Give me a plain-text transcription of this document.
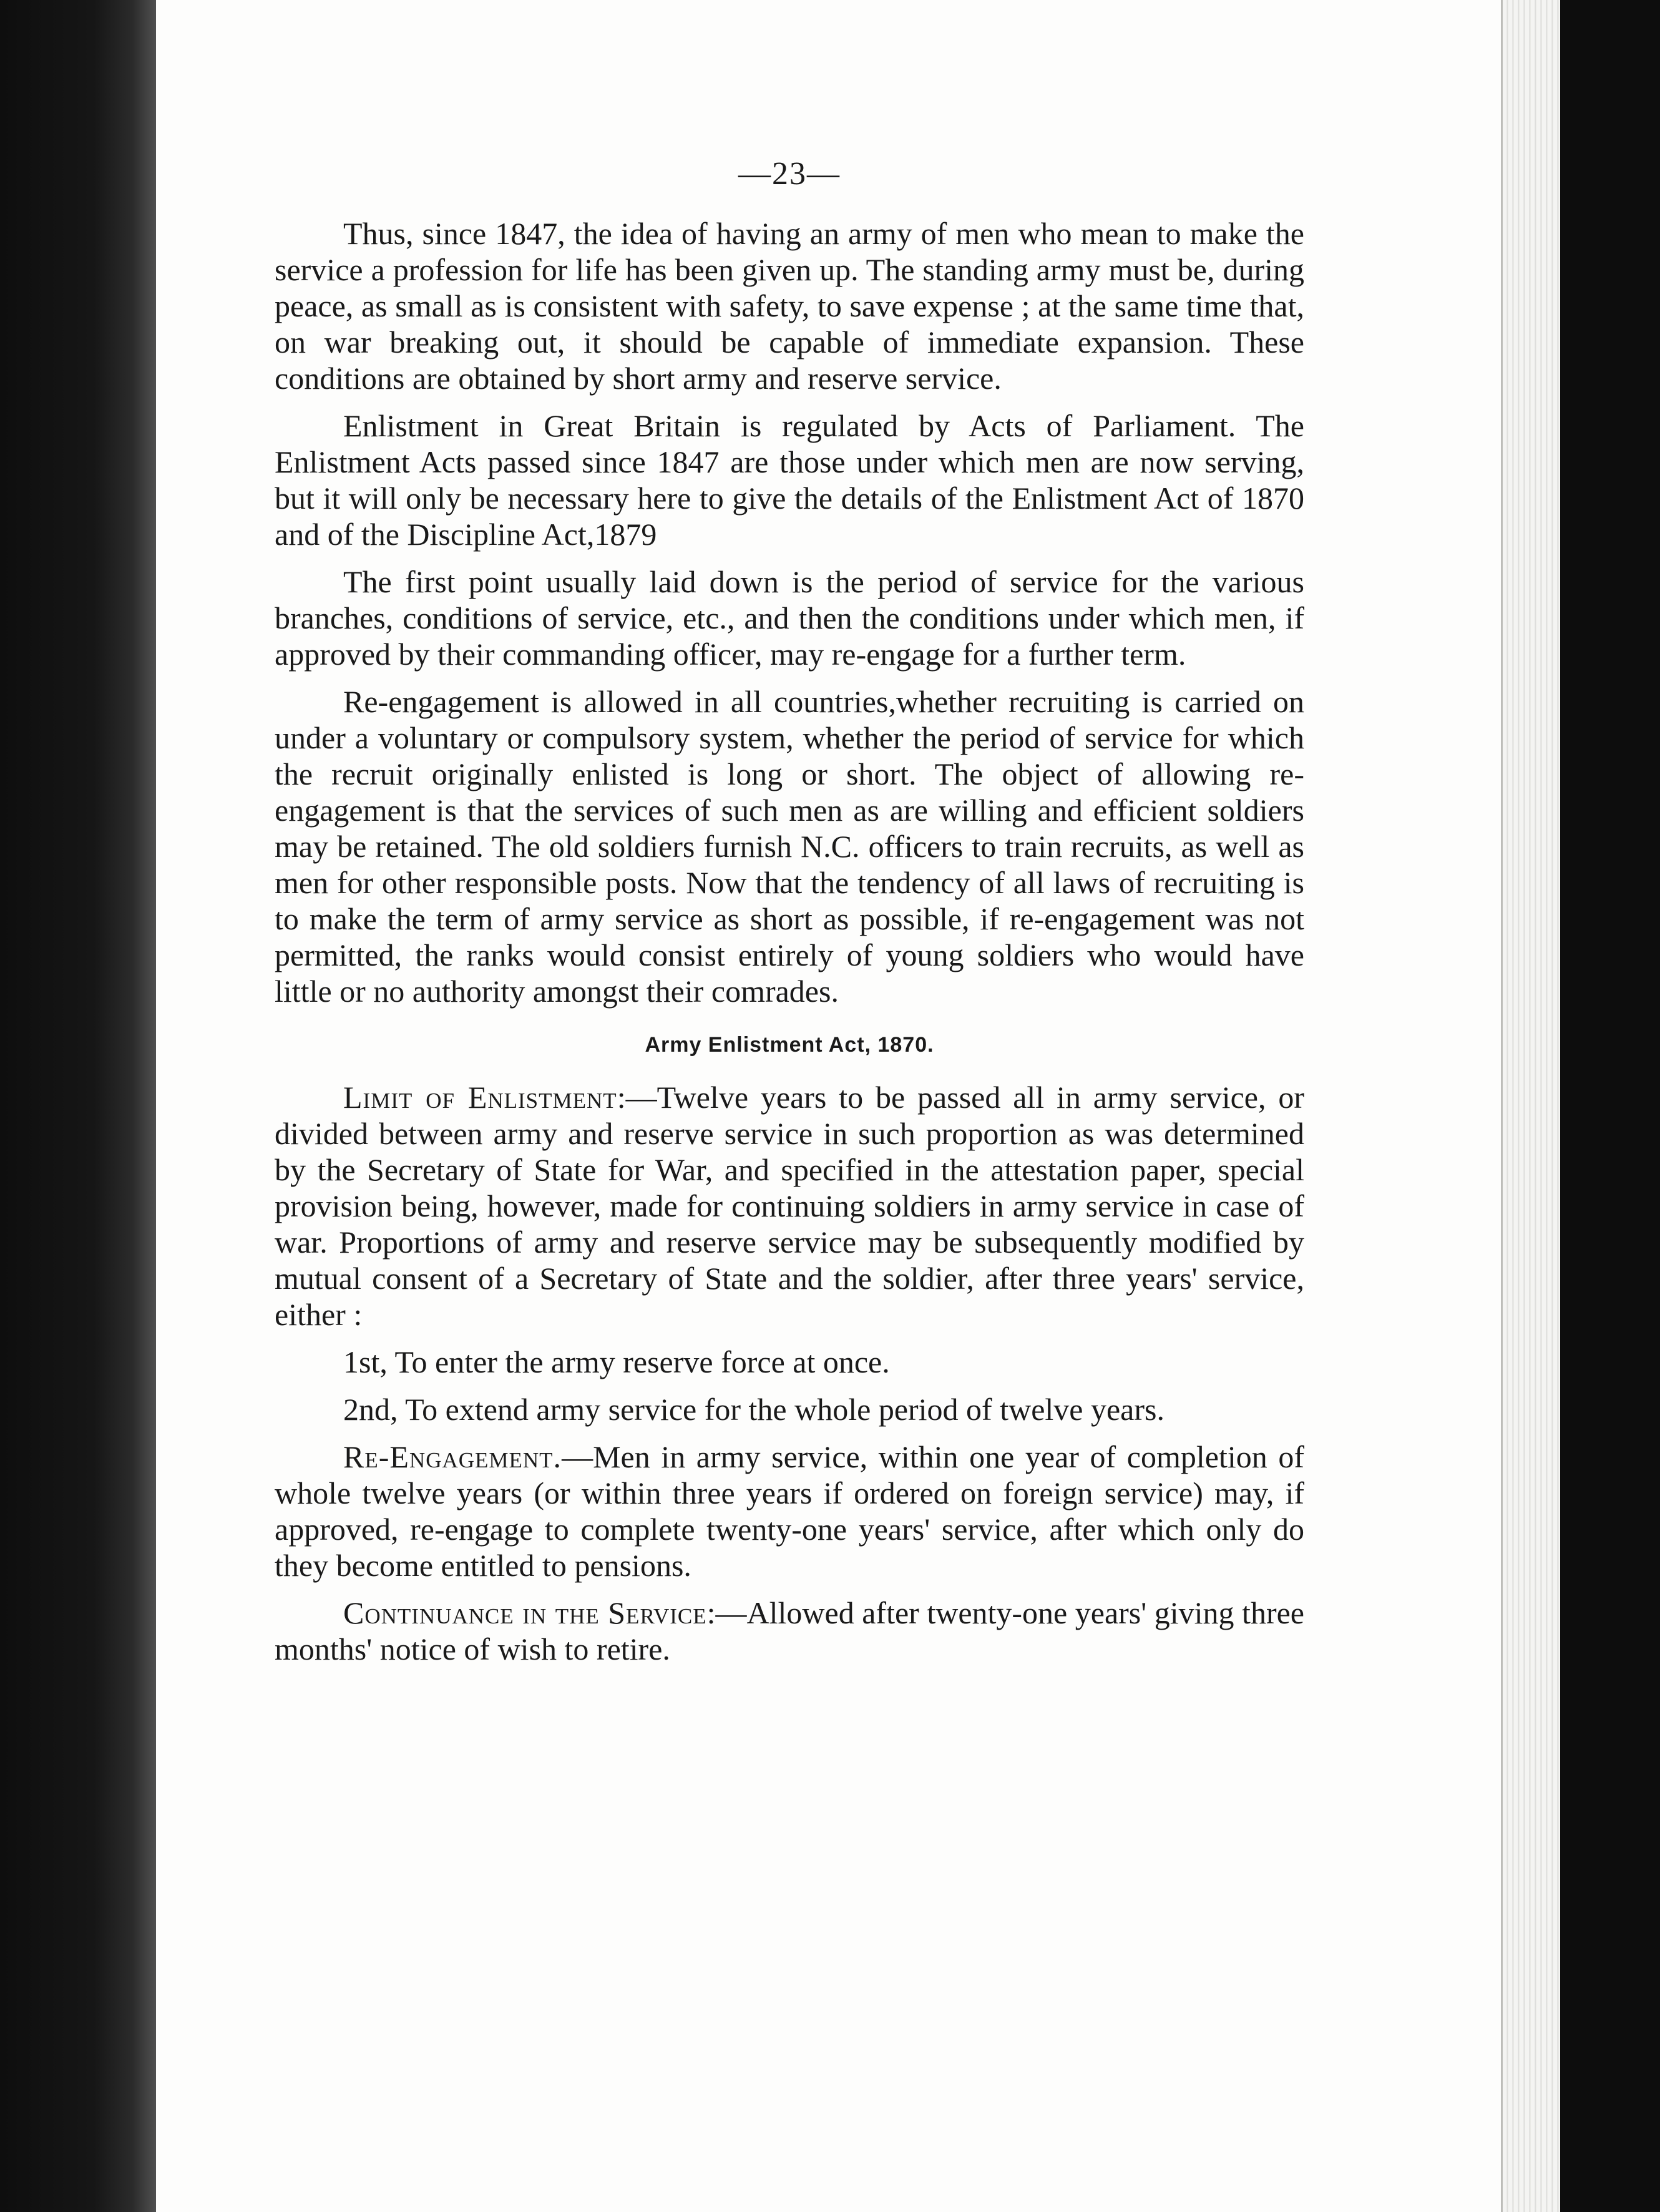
—23—

Thus, since 1847, the idea of having an army of men who mean to make the service a profession for life has been given up. The standing army must be, during peace, as small as is consistent with safety, to save expense ; at the same time that, on war breaking out, it should be capable of immediate expansion. These conditions are obtained by short army and reserve service.

Enlistment in Great Britain is regulated by Acts of Parliament. The Enlistment Acts passed since 1847 are those under which men are now serving, but it will only be necessary here to give the details of the Enlistment Act of 1870 and of the Discipline Act,1879

The first point usually laid down is the period of service for the various branches, conditions of service, etc., and then the conditions under which men, if approved by their commanding officer, may re-engage for a further term.

Re-engagement is allowed in all countries,whether recruiting is carried on under a voluntary or compulsory system, whether the period of service for which the recruit originally enlisted is long or short. The object of allowing re-engagement is that the services of such men as are willing and efficient soldiers may be retained. The old soldiers furnish N.C. officers to train recruits, as well as men for other responsible posts. Now that the tendency of all laws of recruiting is to make the term of army service as short as possible, if re-engagement was not permitted, the ranks would consist entirely of young soldiers who would have little or no authority amongst their comrades.

Army Enlistment Act, 1870.

Limit of Enlistment:—Twelve years to be passed all in army service, or divided between army and reserve service in such proportion as was determined by the Secretary of State for War, and specified in the attestation paper, special provision being, however, made for continuing soldiers in army service in case of war. Proportions of army and reserve service may be subsequently modified by mutual consent of a Secretary of State and the soldier, after three years' service, either :

1st, To enter the army reserve force at once.

2nd, To extend army service for the whole period of twelve years.

Re-Engagement.—Men in army service, within one year of completion of whole twelve years (or within three years if ordered on foreign service) may, if approved, re-engage to complete twenty-one years' service, after which only do they become entitled to pensions.

Continuance in the Service:—Allowed after twenty-one years' giving three months' notice of wish to retire.
